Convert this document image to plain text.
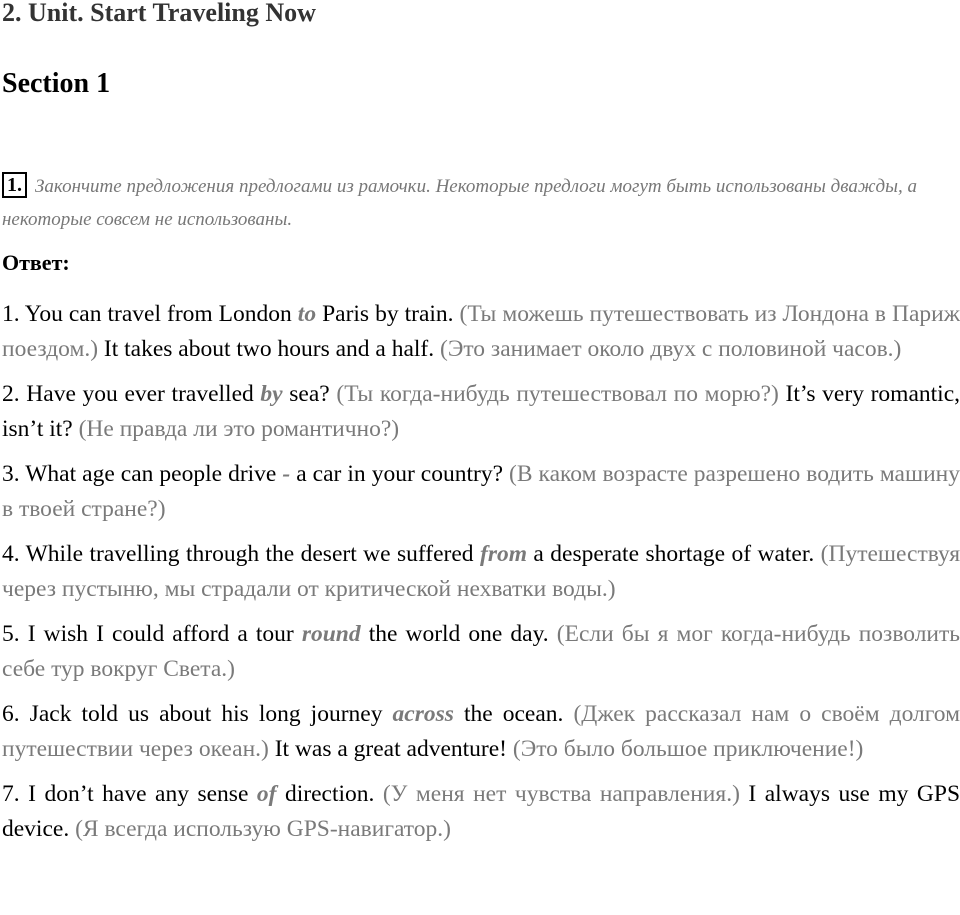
2. Unit. Start Traveling Now
Section 1
1. Закончите предложения предлогами из рамочки. Некоторые предлоги могут быть использованы дважды, а некоторые совсем не использованы.
Ответ:

1. You can travel from London to Paris by train. (Ты можешь путешествовать из Лондона в Париж поездом.) It takes about two hours and a half. (Это занимает около двух с половиной часов.)

2. Have you ever travelled by sea? (Ты когда-нибудь путешествовал по морю?) It’s very romantic, isn’t it? (Не правда ли это романтично?)

3. What age can people drive - a car in your country? (В каком возрасте разрешено водить машину в твоей стране?)

4. While travelling through the desert we suffered from a desperate shortage of water. (Путешествуя через пустыню, мы страдали от критической нехватки воды.)

5. I wish I could afford a tour round the world one day. (Если бы я мог когда-нибудь позволить себе тур вокруг Света.)

6. Jack told us about his long journey across the ocean. (Джек рассказал нам о своём долгом путешествии через океан.) It was a great adventure! (Это было большое приключение!)

7. I don’t have any sense of direction. (У меня нет чувства направления.) I always use my GPS device. (Я всегда использую GPS-навигатор.)
